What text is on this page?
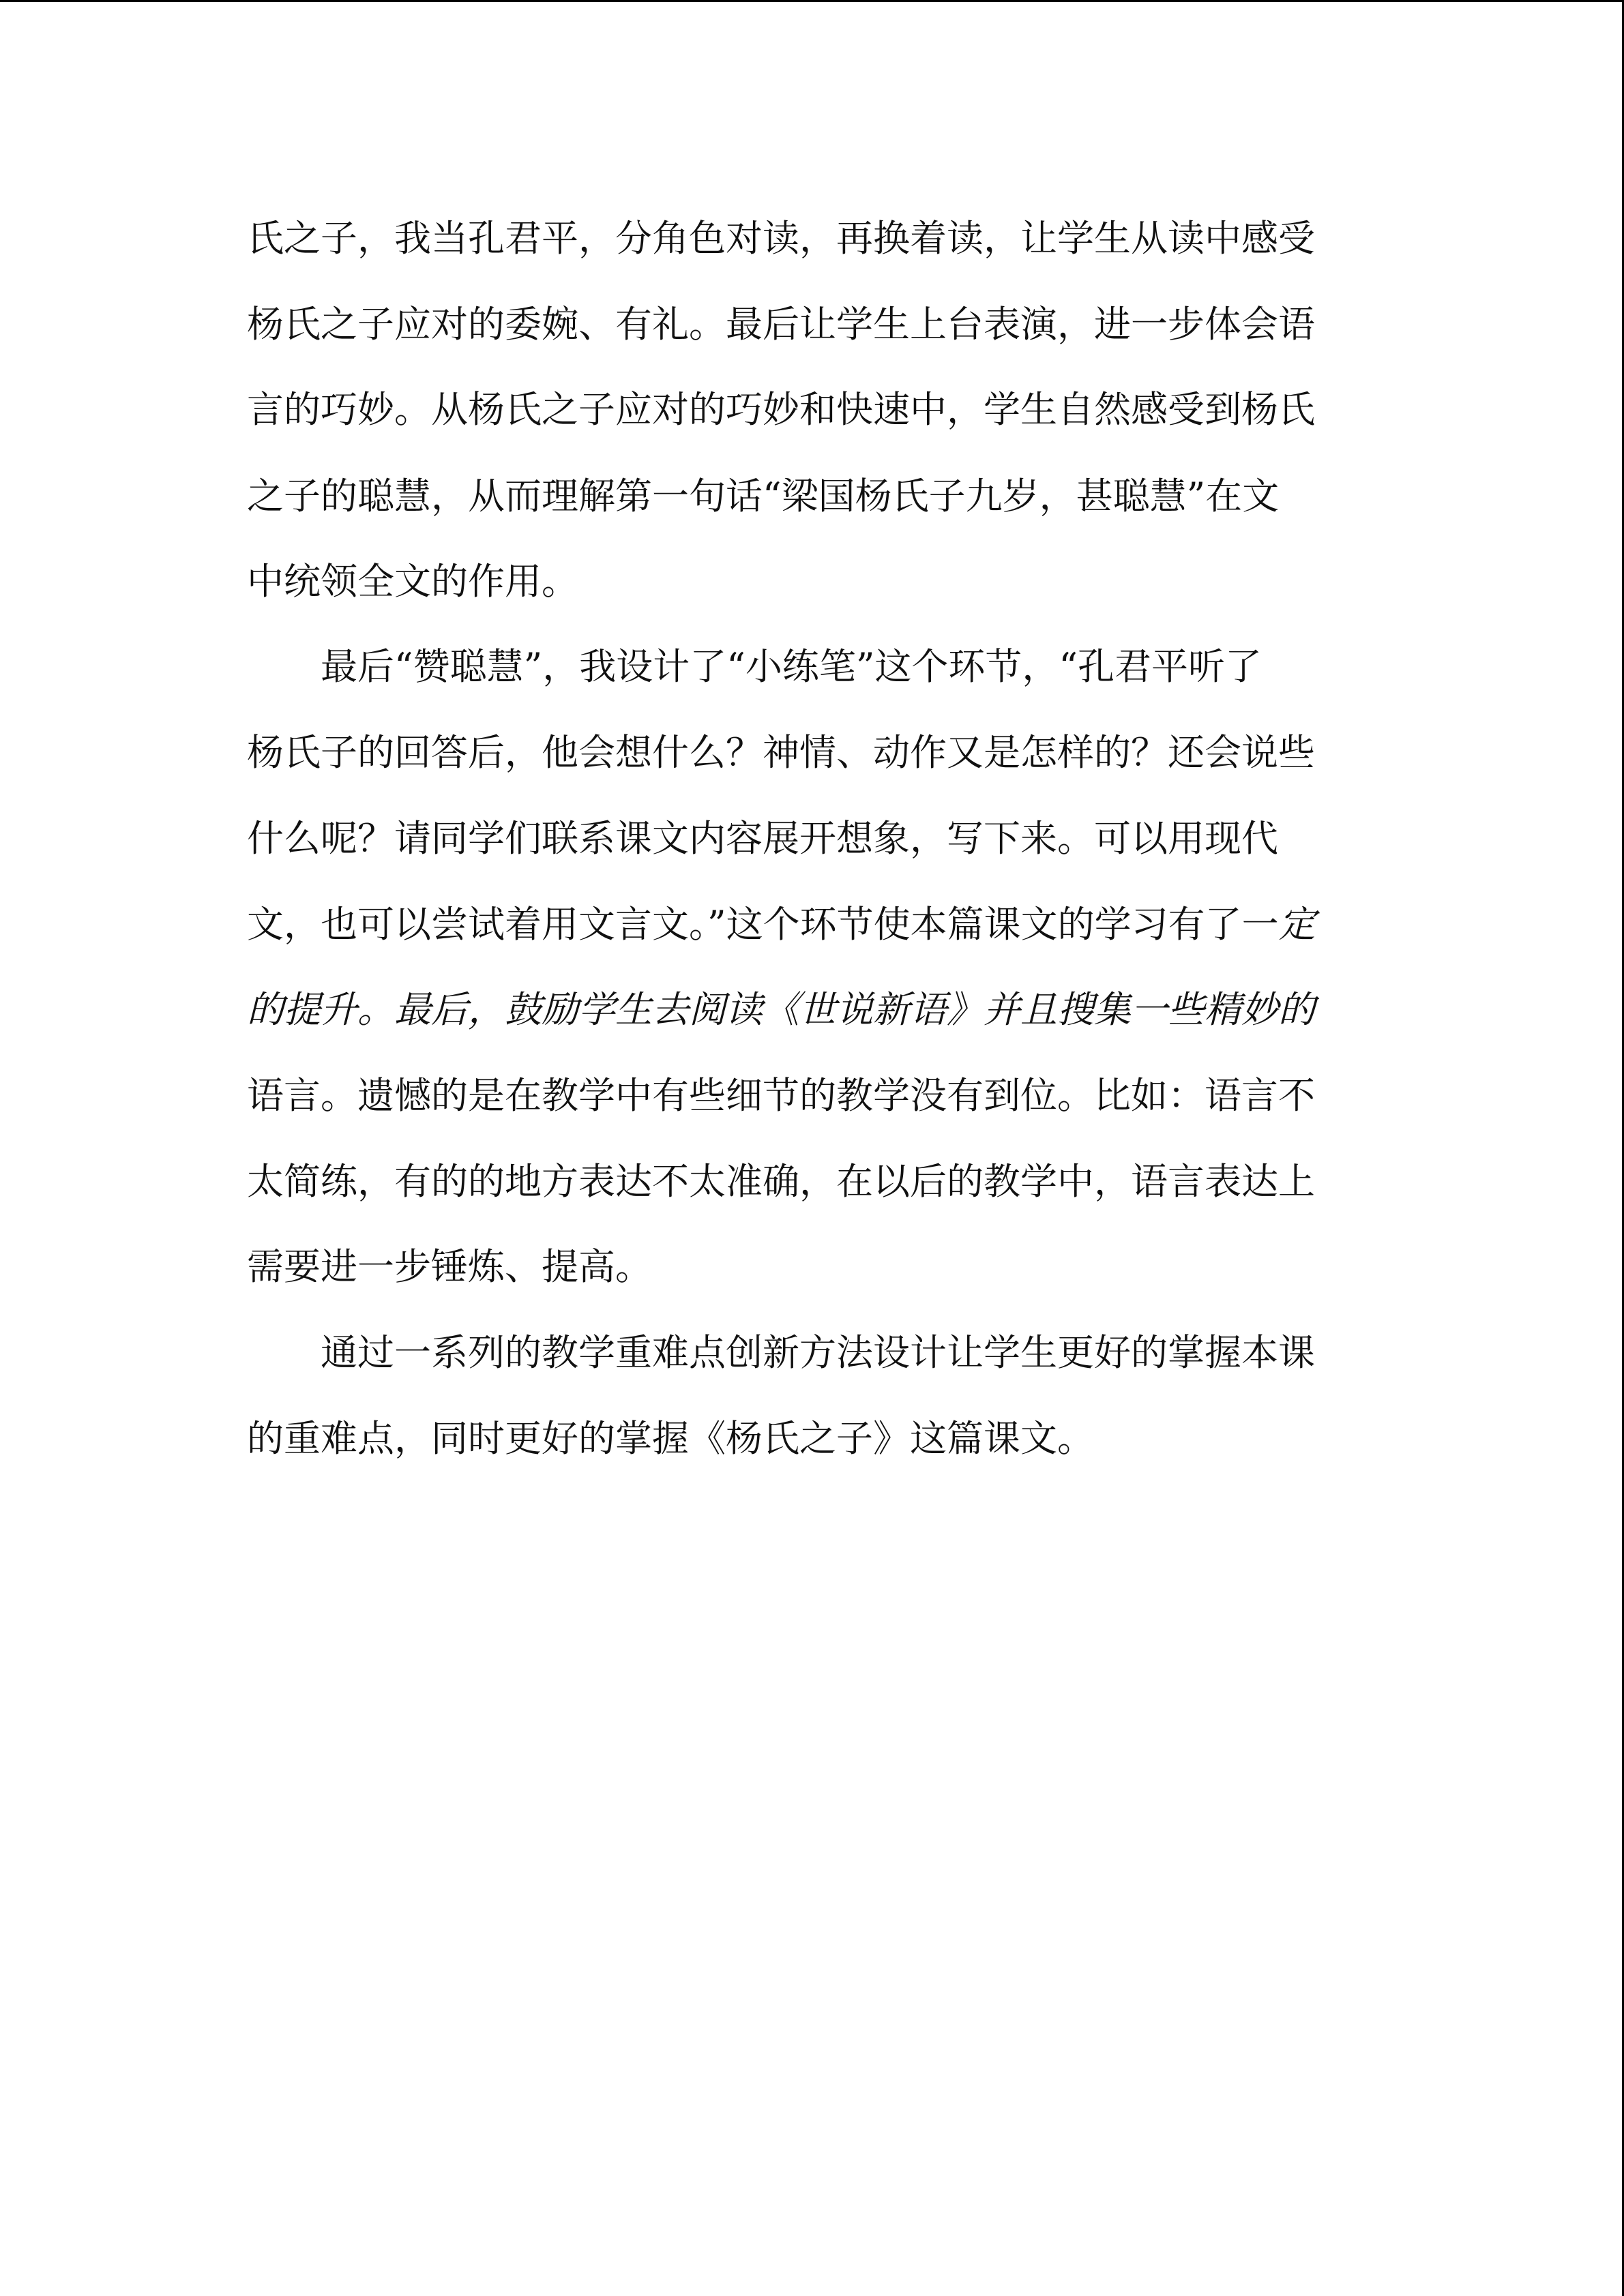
氏之子，我当孔君平，分角色对读，再换着读，让学生从读中感受
杨氏之子应对的委婉、有礼。最后让学生上台表演，进一步体会语
言的巧妙。从杨氏之子应对的巧妙和快速中，学生自然感受到杨氏
之子的聪慧，从而理解第一句话“梁国杨氏子九岁，甚聪慧”在文
中统领全文的作用。
最后“赞聪慧”，我设计了“小练笔”这个环节，“孔君平听了
杨氏子的回答后，他会想什么？神情、动作又是怎样的？还会说些
什么呢？请同学们联系课文内容展开想象，写下来。可以用现代
文，也可以尝试着用文言文。”这个环节使本篇课文的学习有了一定
的提升。最后，鼓励学生去阅读《世说新语》并且搜集一些精妙的
语言。遗憾的是在教学中有些细节的教学没有到位。比如：语言不
太简练，有的的地方表达不太准确，在以后的教学中，语言表达上
需要进一步锤炼、提高。
通过一系列的教学重难点创新方法设计让学生更好的掌握本课
的重难点，同时更好的掌握《杨氏之子》这篇课文。
